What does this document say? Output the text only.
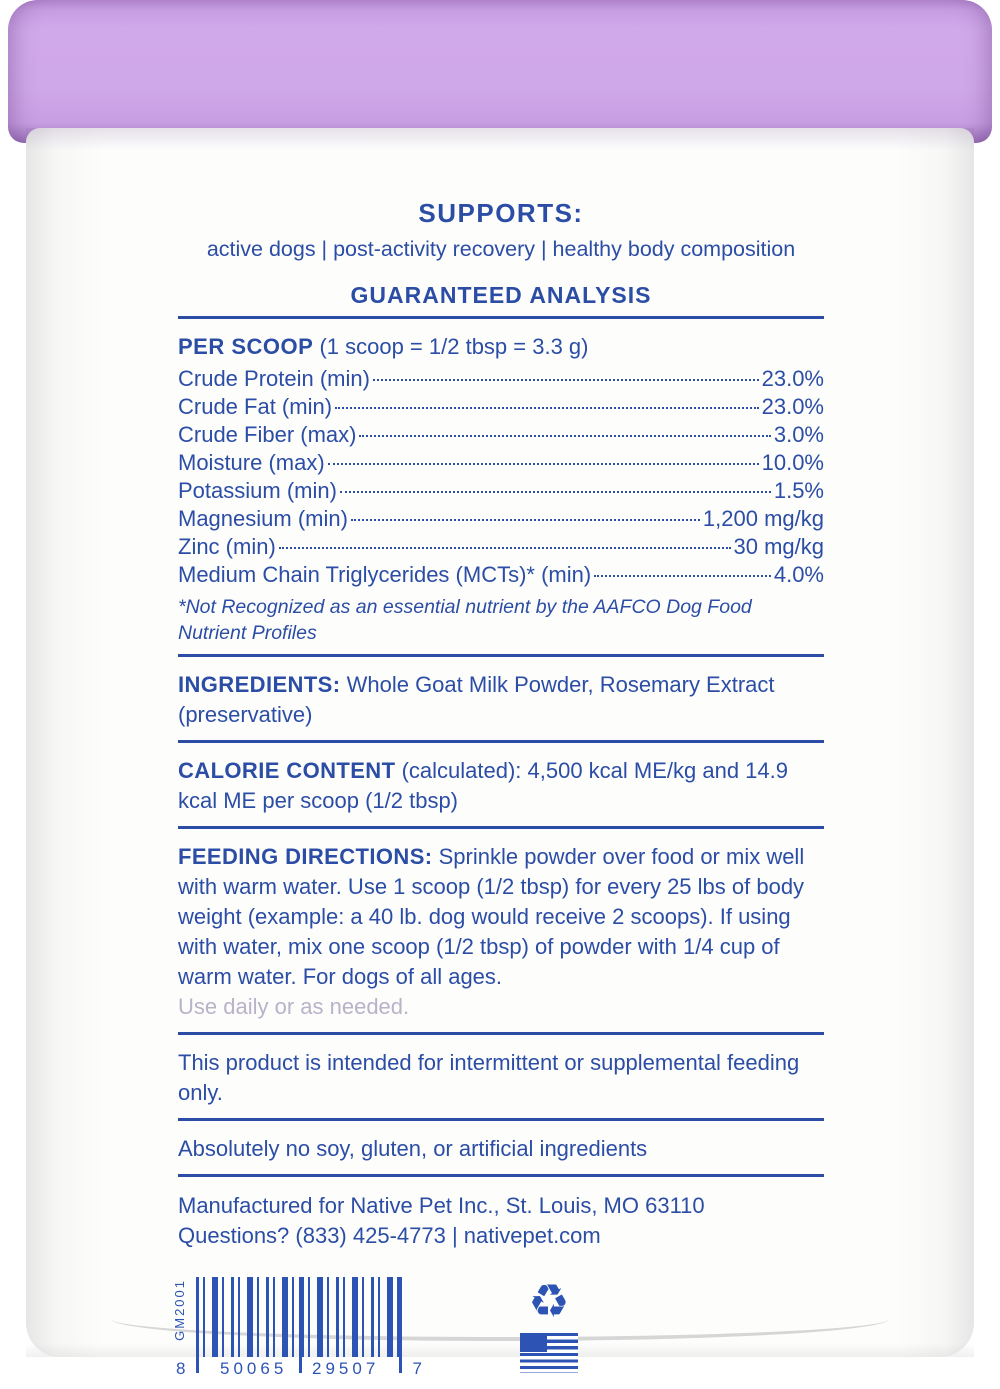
SUPPORTS:
active dogs | post-activity recovery | healthy body composition
GUARANTEED ANALYSIS
PER SCOOP (1 scoop = 1/2 tbsp = 3.3 g)
Crude Protein (min)	23.0%
Crude Fat (min)	23.0%
Crude Fiber (max)	3.0%
Moisture (max)	10.0%
Potassium (min)	1.5%
Magnesium (min)	1,200 mg/kg
Zinc (min)	30 mg/kg
Medium Chain Triglycerides (MCTs)* (min)	4.0%
*Not Recognized as an essential nutrient by the AAFCO Dog Food Nutrient Profiles
INGREDIENTS: Whole Goat Milk Powder, Rosemary Extract (preservative)
CALORIE CONTENT (calculated): 4,500 kcal ME/kg and 14.9 kcal ME per scoop (1/2 tbsp)
FEEDING DIRECTIONS: Sprinkle powder over food or mix well with warm water. Use 1 scoop (1/2 tbsp) for every 25 lbs of body weight (example: a 40 lb. dog would receive 2 scoops). If using with water, mix one scoop (1/2 tbsp) of powder with 1/4 cup of warm water. For dogs of all ages.
Use daily or as needed.
This product is intended for intermittent or supplemental feeding only.
Absolutely no soy, gluten, or artificial ingredients
Manufactured for Native Pet Inc., St. Louis, MO 63110
Questions? (833) 425-4773 | nativepet.com
GM2001
8 50065 29507 7
♻
